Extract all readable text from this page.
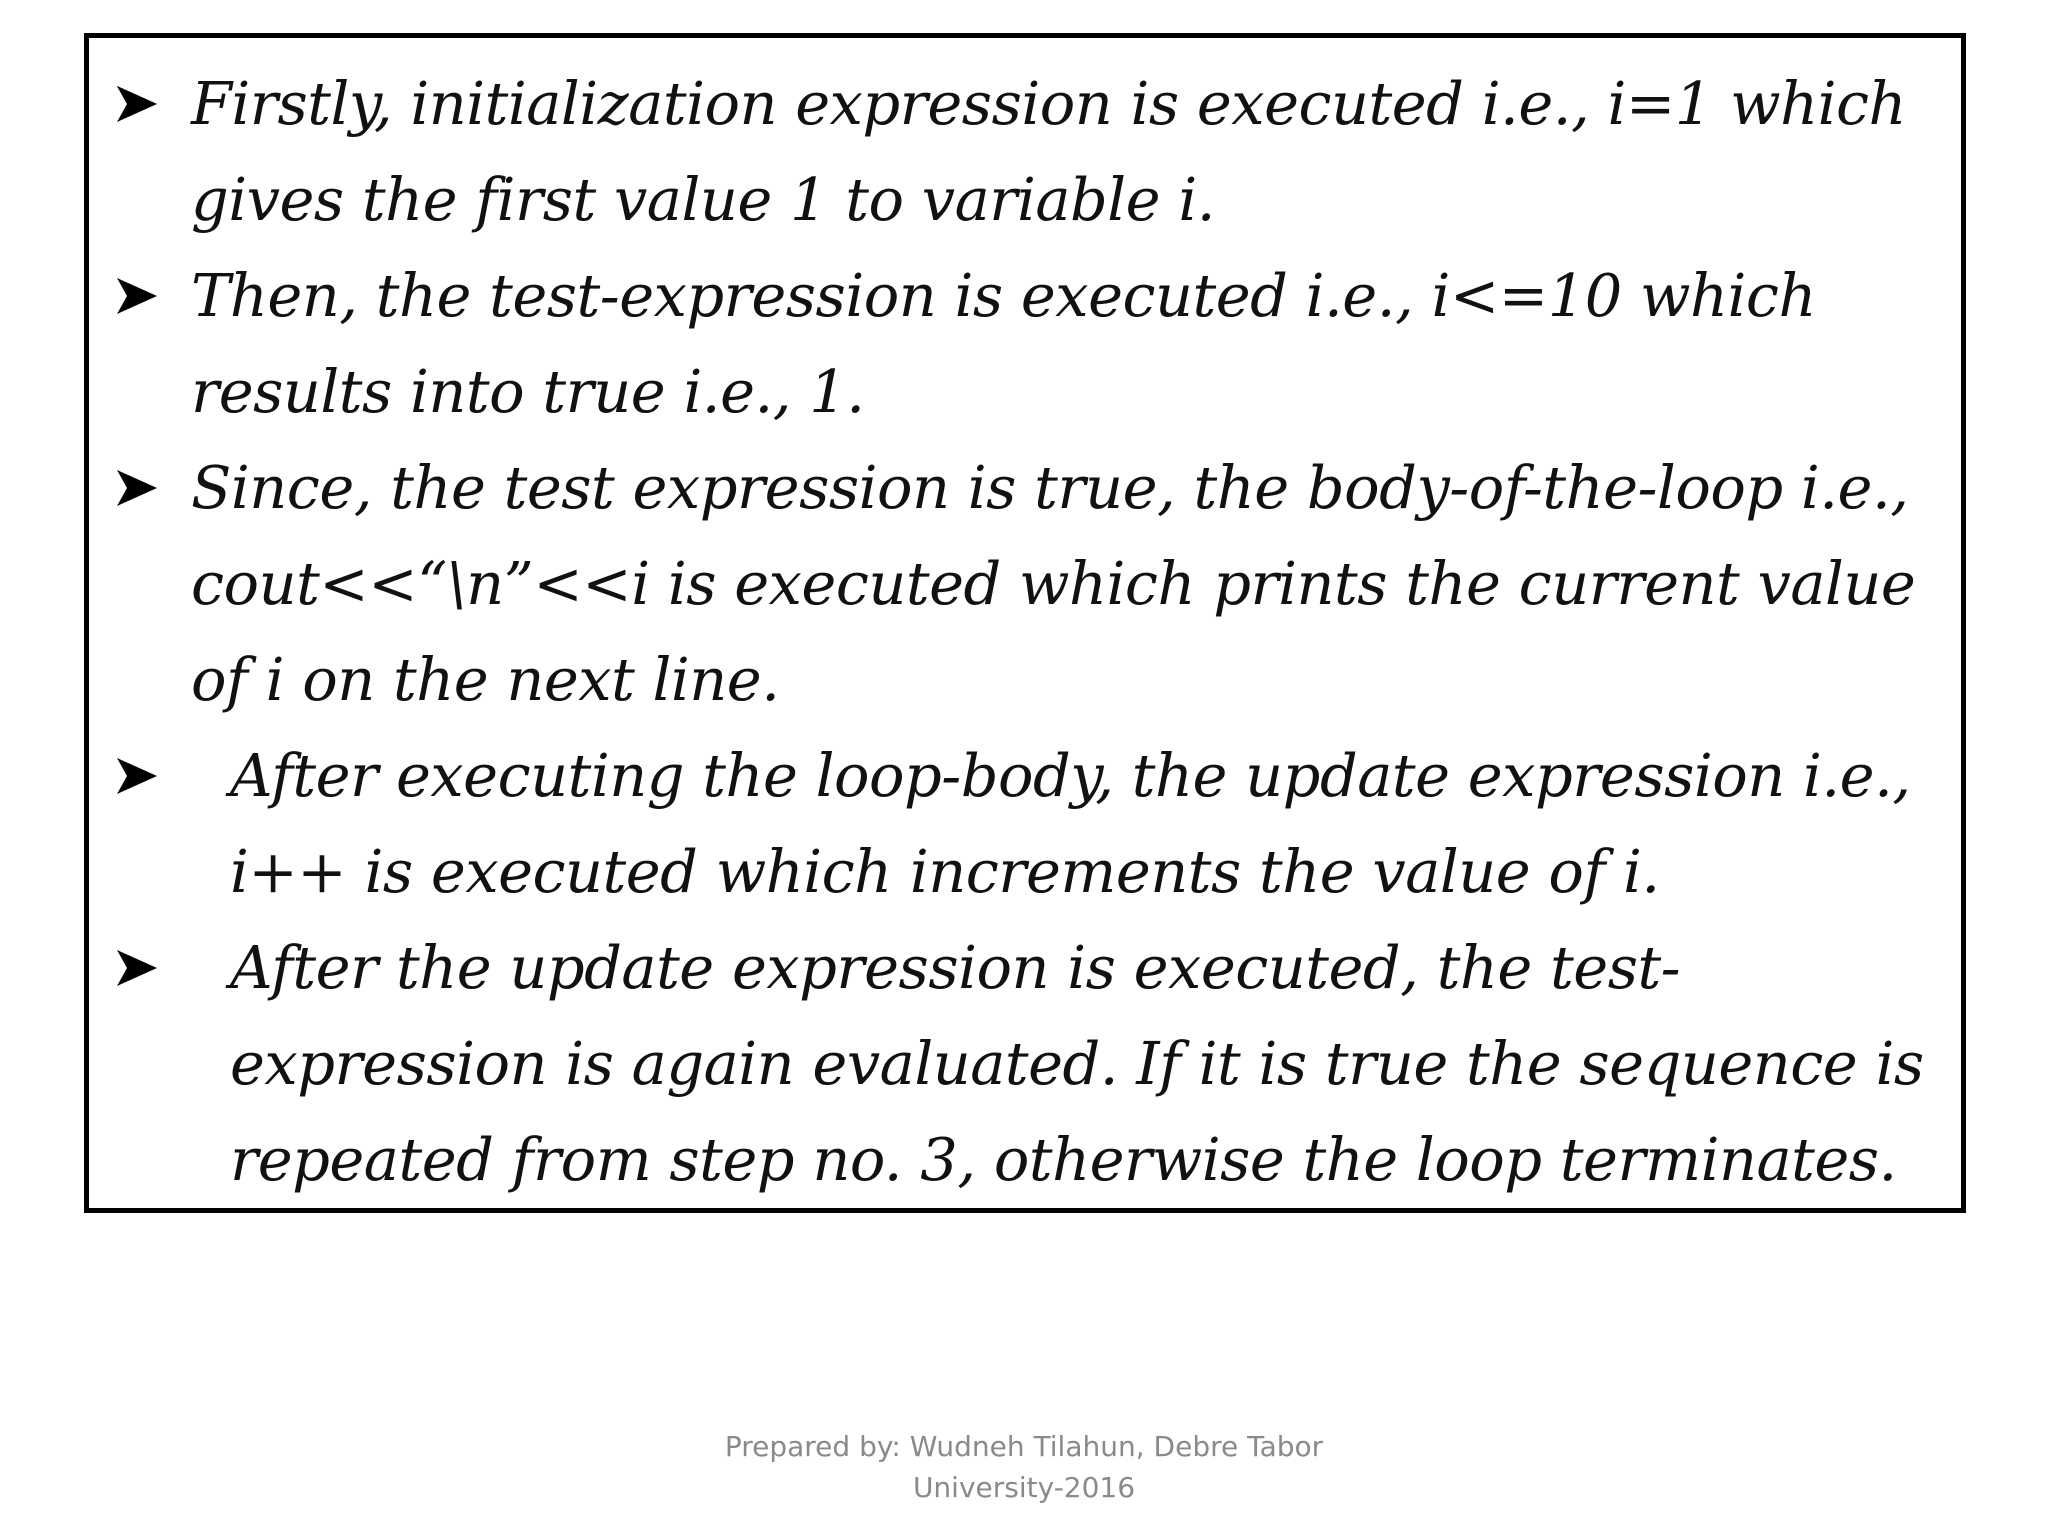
Firstly, initialization expression is executed i.e., i=1 which gives the first value 1 to variable i.
Then, the test-expression is executed i.e., i<=10 which results into true i.e., 1.
Since, the test expression is true, the body-of-the-loop i.e., cout<<“\n”<<i is executed which prints the current value of i on the next line.
After executing the loop-body, the update expression i.e., i++ is executed which increments the value of i.
After the update expression is executed, the test-expression is again evaluated. If it is true the sequence is repeated from step no. 3, otherwise the loop terminates.
Prepared by: Wudneh Tilahun, Debre Tabor
University-2016
